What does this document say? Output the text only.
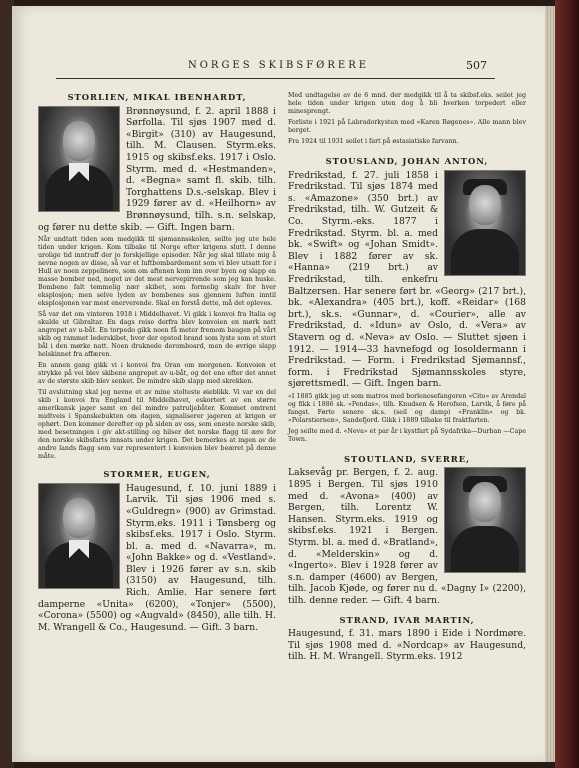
NORGES SKIBSFØRERE	507
STORLIEN, MIKAL IBENHARDT,

Brønnøysund, f. 2. april 1888 i Sørfolla. Til sjøs 1907 med d. «Birgit» (310) av Haugesund, tilh. M. Clausen. Styrm.eks. 1915 og skibsf.eks. 1917 i Oslo. Styrm. med d. «Hestmanden», d. «Begna» samt fl. skib. tilh. Torghattens D.s.-selskap. Blev i 1929 fører av d. «Heilhorn» av Brønnøysund, tilh. s.n. selskap, og fører nu dette skib. — Gift. Ingen barn.

Når undtatt tiden som medgikk til sjømannsskolen, seilte jeg ute hele tiden under krigen. Kom tilbake til Norge efter krigens slutt. I denne urolige tid inntraff der jo forskjellige episoder. Når jeg skal tillate mig å nevne nogen av disse, så var et luftbombardement som vi blev utsatt for i Hull av noen zeppelinere, som om aftenen kom inn over byen og slapp en masse bomber ned, noget av det mest nervepirrende som jeg kan huske. Bombene falt temmelig nær skibet, som formelig skalv for hver eksplosjon; men selve lyden av bombenes sus gjennem luften inntil eksplosjonen var mest enerverende. Skal en forstå dette, må det opleves.

Så var det om vinteren 1918 i Middelhavet. Vi gikk i konvoi fra Italia og skulde ut Gibraltar. En dags reise derfra blev konvoien en mørk natt angrepet av u-båt. En torpedo gikk noen få meter fremom baugen på vårt skib og rammet lederskibet, hvor der opstod brand som lyste som et stort bål i den mørke natt. Noen druknede deromboard, men de øvrige slapp helskinnet fra affæren.

En annen gang gikk vi i konvoi fra Oran om morgenen. Konvoien et strykke på vei blev skibene angrepet av u-båt, og det ene efter det annet av de største skib blev senket. De mindre skib slapp med skrekken.

Til avslutning skal jeg nevne et av mine stolteste øieblikk. Vi var en del skib i konvoi fra England til Middelhavet, eskortert av en større amerikansk jager samt en del mindre patruljebåter. Kommet omtrent midtveis i Spanskebukten om dagen, signaliserer jageren at krigen er ophørt. Den kommer derefter op på siden av oss, som eneste norske skib, med besetningen i giv akt-stilling og hilser det norske flagg til ære for den norske skibsfarts innsats under krigen. Det bemerkes at ingen av de andre lands flagg som var representert i konvoien blev beæret på denne måte.

STORMER, EUGEN,

Haugesund, f. 10. juni 1889 i Larvik. Til sjøs 1906 med s. «Guldregn» (900) av Grimstad. Styrm.eks. 1911 i Tønsberg og skibsf.eks. 1917 i Oslo. Styrm. bl. a. med d. «Navarra», m. «John Bakke» og d. «Vestland». Blev i 1926 fører av s.n. skib (3150) av Haugesund, tilh. Rich. Amlie. Har senere ført damperne «Unita» (6200), «Tonjer» (5500), «Corona» (5500) og «Augvald» (8450), alle tilh. H. M. Wrangell & Co., Haugesund. — Gift. 3 barn.

Med undtagelse av de 6 mnd. der medgikk til å ta skibsf.eks. seilet jeg hele tiden under krigen uten dog å bli hverken torpedert eller minesprengt.

Forliste i 1921 på Labradorkysten med «Karen Røgenes». Alle mann blev berget.

Fra 1924 til 1931 seilet i fart på østasiatiske farvann.

STOUSLAND, JOHAN ANTON,

Fredrikstad, f. 27. juli 1858 i Fredrikstad. Til sjøs 1874 med s. «Amazone» (350 brt.) av Fredrikstad, tilh. W. Gutzeit & Co. Styrm.-eks. 1877 i Fredrikstad. Styrm. bl. a. med bk. «Swift» og «Johan Smidt». Blev i 1882 fører av sk. «Hanna» (219 brt.) av Fredrikstad, tilh. enkefru Baltzersen. Har senere ført br. «Georg» (217 brt.), bk. «Alexandra» (405 brt.), koff. «Reidar» (168 brt.), sk.s. «Gunnar», d. «Courier», alle av Fredrikstad, d. «Idun» av Oslo, d. «Vera» av Stavern og d. «Neva» av Oslo. — Sluttet sjøen i 1912. — 1914—33 havnefogd og losoldermann i Fredrikstad. — Form. i Fredrikstad Sjømannsf., form. i Fredrikstad Sjømannsskoles styre, sjørettsmedl. — Gift. Ingen barn.

«I 1885 gikk jeg ut som matros med borlenosefangeren «Cito» av Arendal og fikk i 1886 sk. «Pendas», tilh. Knudsen & Herofsen, Larvik, å føre på fangst. Førte senere sk.s. (seil og damp) «Franklin» og bk. «Polarstiernen», Sandefjord. Gikk i 1889 tilbake til fraktfarten.

Jeg seilte med d. «Neva» et par år i kystfart på Sydafrika—Durban —Cape Town.

STOUTLAND, SVERRE,

Laksevåg pr. Bergen, f. 2. aug. 1895 i Bergen. Til sjøs 1910 med d. «Avona» (400) av Bergen, tilh. Lorentz W. Hansen. Styrm.eks. 1919 og skibsf.eks. 1921 i Bergen. Styrm. bl. a. med d. «Bratland», d. «Melderskin» og d. «Ingerto». Blev i 1928 fører av s.n. damper (4600) av Bergen, tilh. Jacob Kjøde, og fører nu d. «Dagny I» (2200), tilh. denne reder. — Gift. 4 barn.

STRAND, IVAR MARTIN,

Haugesund, f. 31. mars 1890 i Eide i Nordmøre. Til sjøs 1908 med d. «Nordcap» av Haugesund, tilh. H. M. Wrangell. Styrm.eks. 1912
